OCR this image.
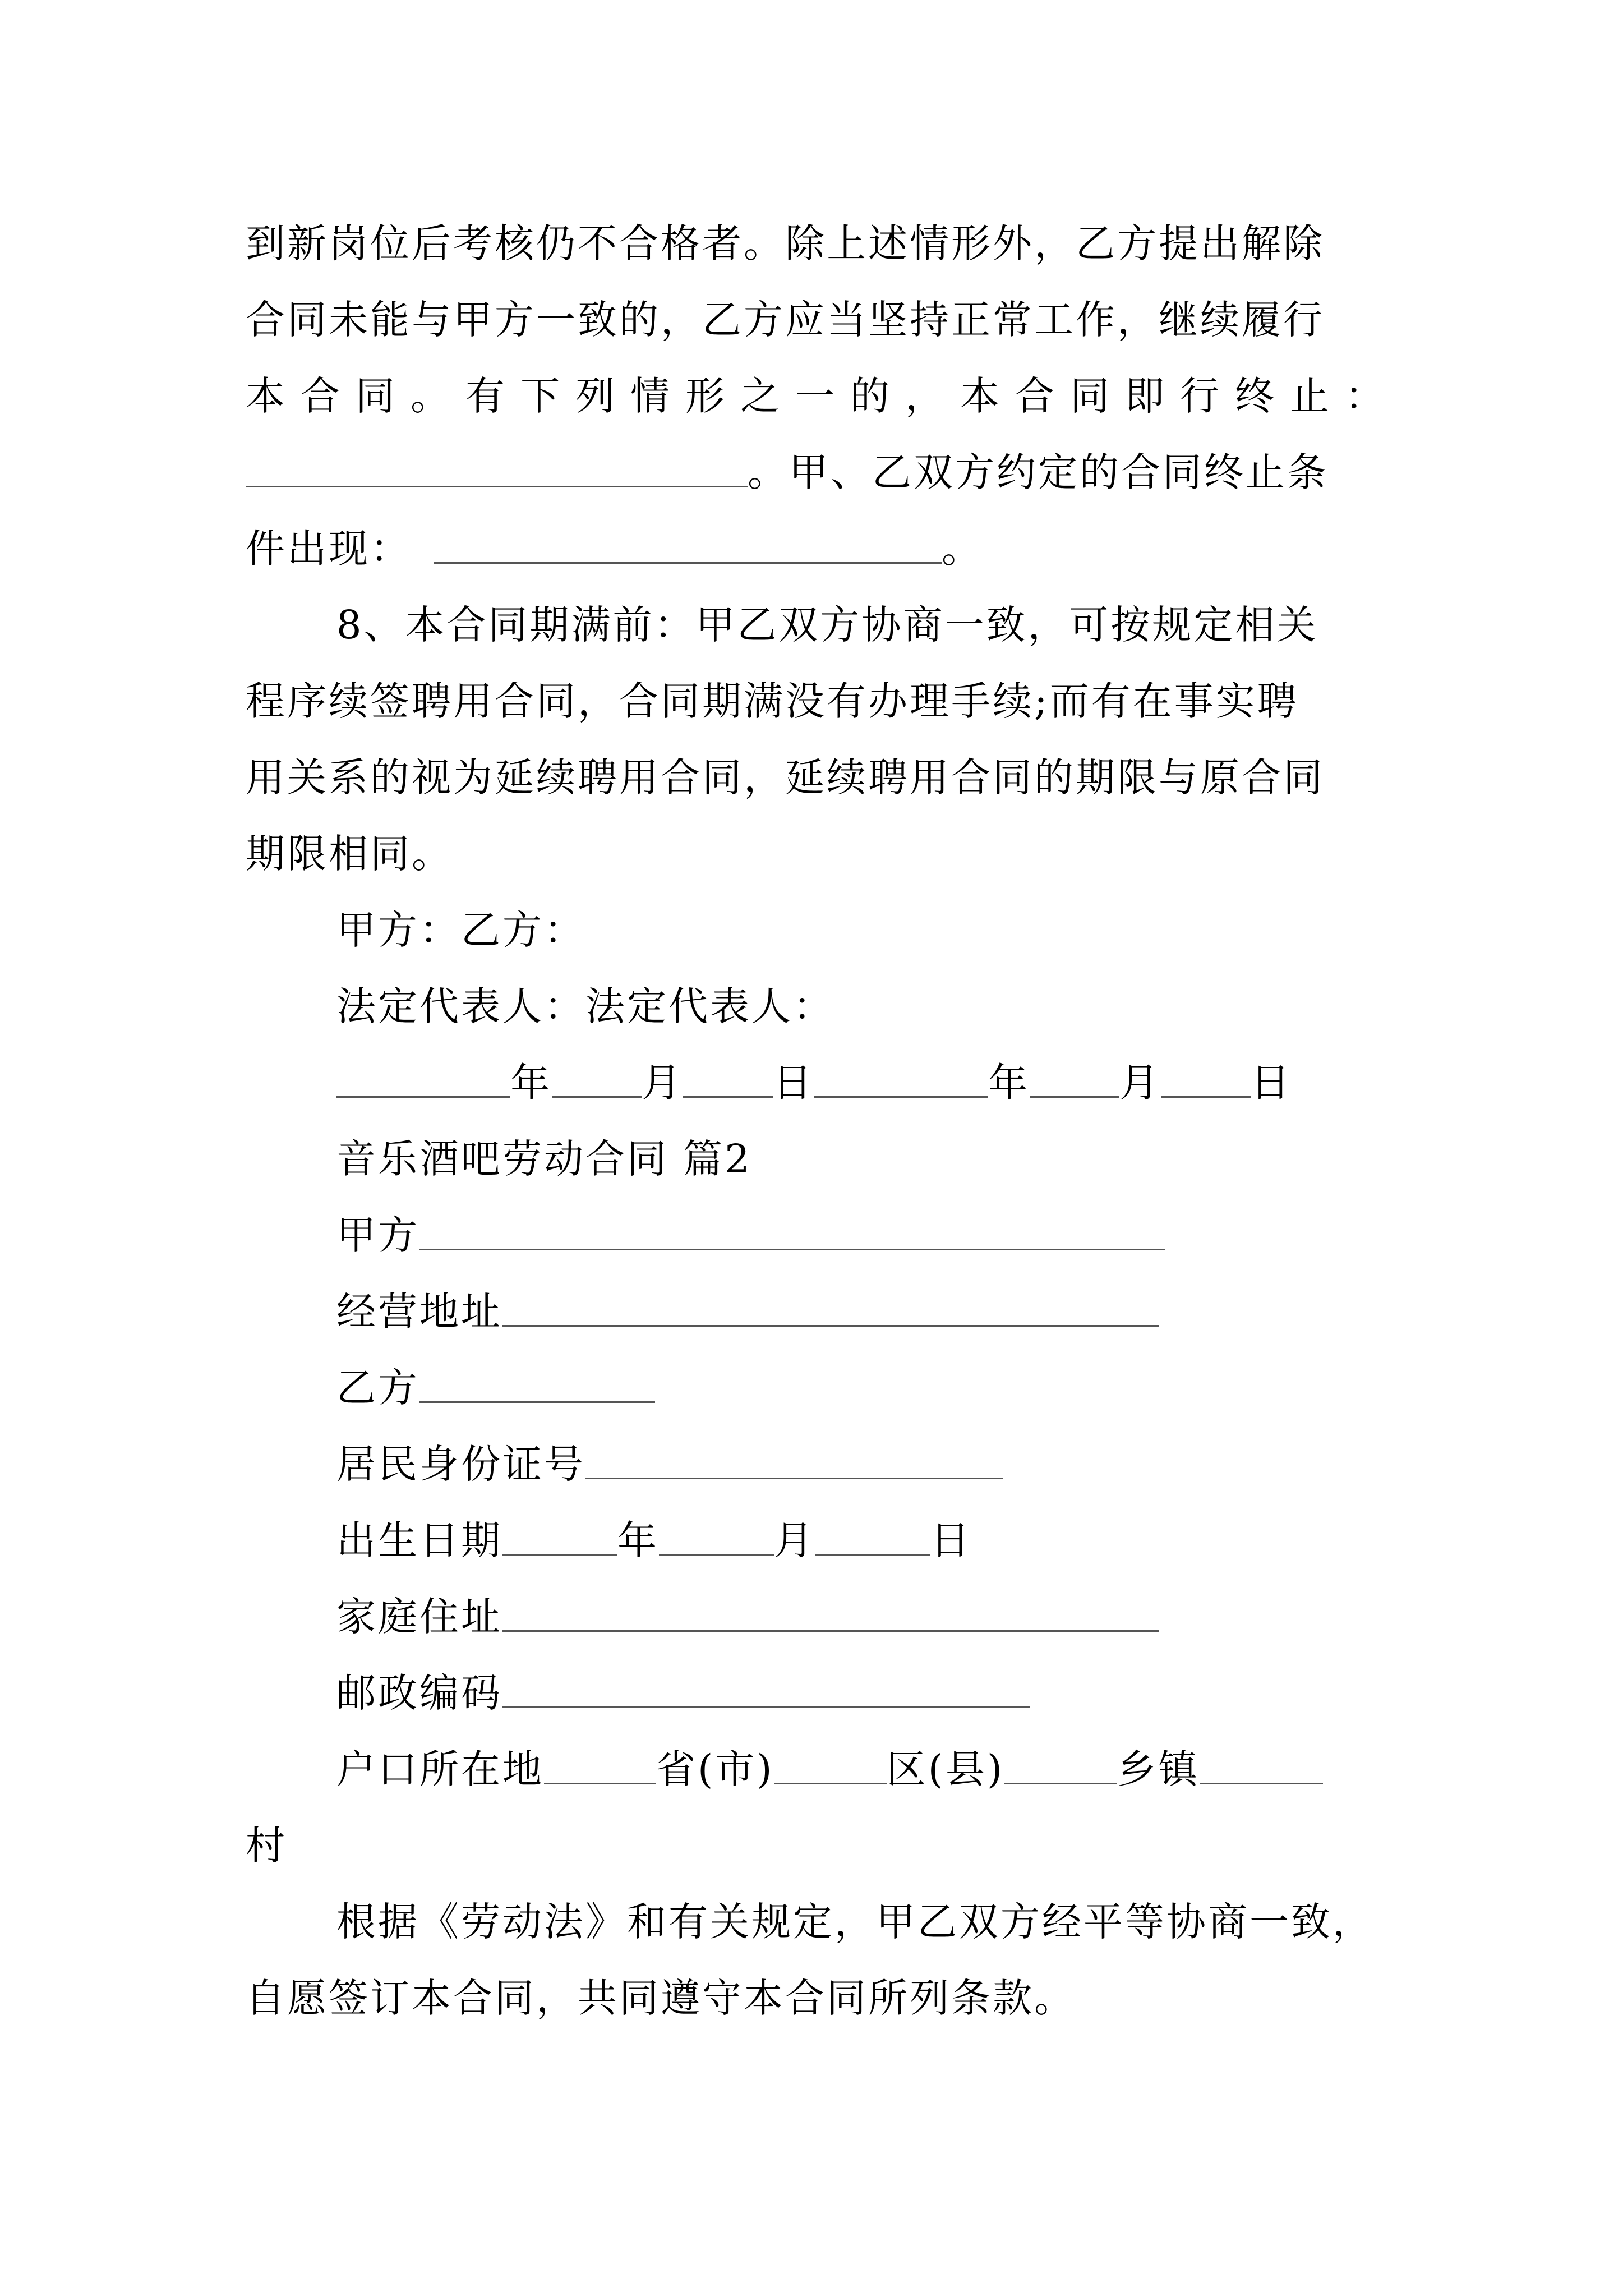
到新岗位后考核仍不合格者。除上述情形外，乙方提出解除
合同未能与甲方一致的，乙方应当坚持正常工作，继续履行
本 合 同 。 有 下 列 情 形 之 一 的 ， 本 合 同 即 行 终 止 ：
。甲、乙双方约定的合同终止条
件出现：	。
8、本合同期满前：甲乙双方协商一致，可按规定相关
程序续签聘用合同，合同期满没有办理手续;而有在事实聘
用关系的视为延续聘用合同，延续聘用合同的期限与原合同
期限相同。
甲方：乙方：
法定代表人：法定代表人：
年 月 日	年 月 日
音乐酒吧劳动合同 篇2
甲方
经营地址
乙方
居民身份证号
出生日期	年	月	日
家庭住址
邮政编码
户口所在地	省(市)	区(县)	乡镇
村
根据《劳动法》和有关规定，甲乙双方经平等协商一致，
自愿签订本合同，共同遵守本合同所列条款。
